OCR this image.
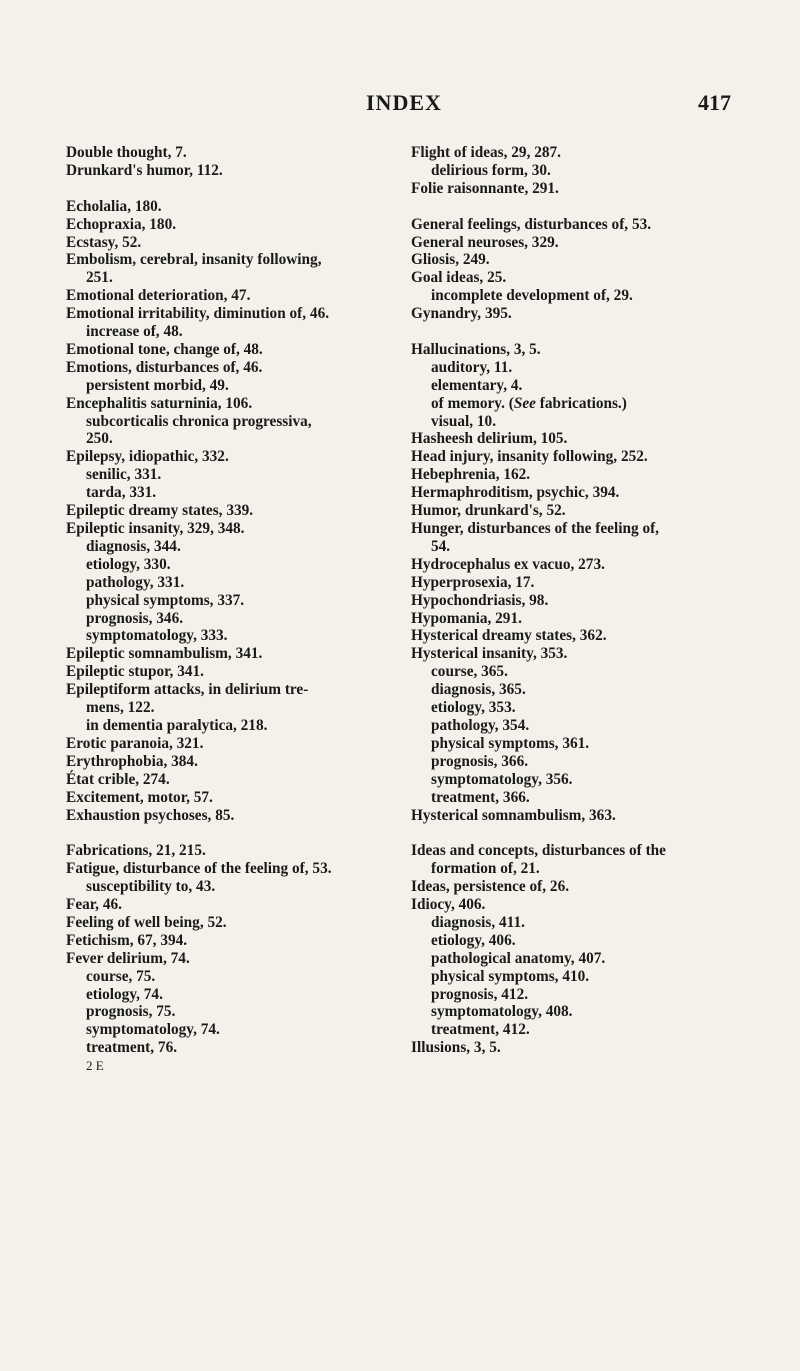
INDEX	417
Double thought, 7.
Drunkard's humor, 112.
Echolalia, 180.
Echopraxia, 180.
Ecstasy, 52.
Embolism, cerebral, insanity following,
251.
Emotional deterioration, 47.
Emotional irritability, diminution of, 46.
increase of, 48.
Emotional tone, change of, 48.
Emotions, disturbances of, 46.
persistent morbid, 49.
Encephalitis saturninia, 106.
subcorticalis chronica progressiva,
250.
Epilepsy, idiopathic, 332.
senilic, 331.
tarda, 331.
Epileptic dreamy states, 339.
Epileptic insanity, 329, 348.
diagnosis, 344.
etiology, 330.
pathology, 331.
physical symptoms, 337.
prognosis, 346.
symptomatology, 333.
Epileptic somnambulism, 341.
Epileptic stupor, 341.
Epileptiform attacks, in delirium tre-
mens, 122.
in dementia paralytica, 218.
Erotic paranoia, 321.
Erythrophobia, 384.
État crible, 274.
Excitement, motor, 57.
Exhaustion psychoses, 85.
Fabrications, 21, 215.
Fatigue, disturbance of the feeling of, 53.
susceptibility to, 43.
Fear, 46.
Feeling of well being, 52.
Fetichism, 67, 394.
Fever delirium, 74.
course, 75.
etiology, 74.
prognosis, 75.
symptomatology, 74.
treatment, 76.
2 E
Flight of ideas, 29, 287.
delirious form, 30.
Folie raisonnante, 291.
General feelings, disturbances of, 53.
General neuroses, 329.
Gliosis, 249.
Goal ideas, 25.
incomplete development of, 29.
Gynandry, 395.
Hallucinations, 3, 5.
auditory, 11.
elementary, 4.
of memory. (See fabrications.)
visual, 10.
Hasheesh delirium, 105.
Head injury, insanity following, 252.
Hebephrenia, 162.
Hermaphroditism, psychic, 394.
Humor, drunkard's, 52.
Hunger, disturbances of the feeling of,
54.
Hydrocephalus ex vacuo, 273.
Hyperprosexia, 17.
Hypochondriasis, 98.
Hypomania, 291.
Hysterical dreamy states, 362.
Hysterical insanity, 353.
course, 365.
diagnosis, 365.
etiology, 353.
pathology, 354.
physical symptoms, 361.
prognosis, 366.
symptomatology, 356.
treatment, 366.
Hysterical somnambulism, 363.
Ideas and concepts, disturbances of the
formation of, 21.
Ideas, persistence of, 26.
Idiocy, 406.
diagnosis, 411.
etiology, 406.
pathological anatomy, 407.
physical symptoms, 410.
prognosis, 412.
symptomatology, 408.
treatment, 412.
Illusions, 3, 5.
